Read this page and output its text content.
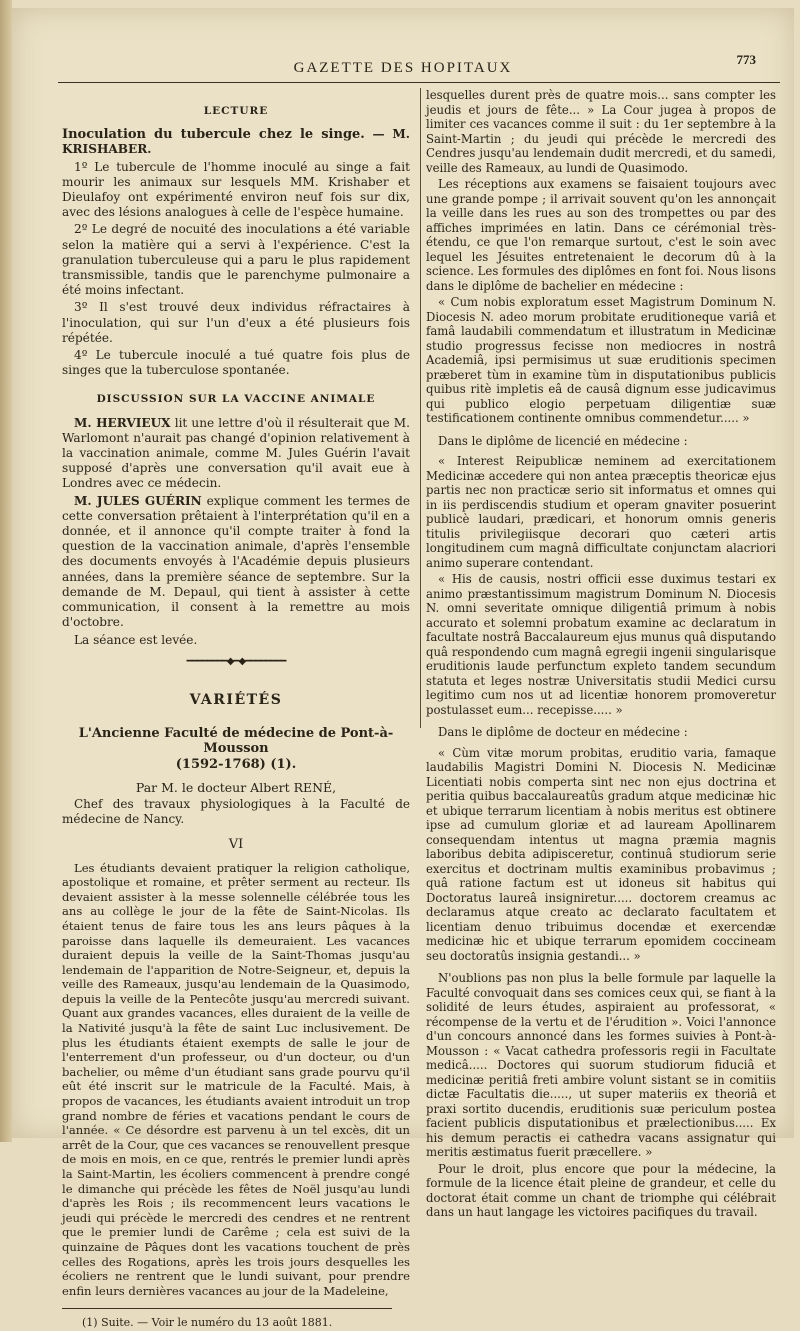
GAZETTE DES HOPITAUX
773
LECTURE

Inoculation du tubercule chez le singe. — M. KRISHABER.

1º Le tubercule de l'homme inoculé au singe a fait mourir les animaux sur lesquels MM. Krishaber et Dieulafoy ont expérimenté environ neuf fois sur dix, avec des lésions analogues à celle de l'espèce humaine.

2º Le degré de nocuité des inoculations a été variable selon la matière qui a servi à l'expérience. C'est la granulation tuberculeuse qui a paru le plus rapidement transmissible, tandis que le parenchyme pulmonaire a été moins infectant.

3º Il s'est trouvé deux individus réfractaires à l'inoculation, qui sur l'un d'eux a été plusieurs fois répétée.

4º Le tubercule inoculé a tué quatre fois plus de singes que la tuberculose spontanée.

DISCUSSION SUR LA VACCINE ANIMALE

M. HERVIEUX lit une lettre d'où il résulterait que M. Warlomont n'aurait pas changé d'opinion relativement à la vaccination animale, comme M. Jules Guérin l'avait supposé d'après une conversation qu'il avait eue à Londres avec ce médecin.

M. JULES GUÉRIN explique comment les termes de cette conversation prêtaient à l'interprétation qu'il en a donnée, et il annonce qu'il compte traiter à fond la question de la vaccination animale, d'après l'ensemble des documents envoyés à l'Académie depuis plusieurs années, dans la première séance de septembre. Sur la demande de M. Depaul, qui tient à assister à cette communication, il consent à la remettre au mois d'octobre.

La séance est levée.

━━━━━━━━◆━◆━━━━━━━━
VARIÉTÉS
L'Ancienne Faculté de médecine de Pont-à-Mousson
(1592-1768) (1).
Par M. le docteur Albert RENÉ,

Chef des travaux physiologiques à la Faculté de médecine de Nancy.

VI

Les étudiants devaient pratiquer la religion catholique, apostolique et romaine, et prêter serment au recteur. Ils devaient assister à la messe solennelle célébrée tous les ans au collège le jour de la fête de Saint-Nicolas. Ils étaient tenus de faire tous les ans leurs pâques à la paroisse dans laquelle ils demeuraient. Les vacances duraient depuis la veille de la Saint-Thomas jusqu'au lendemain de l'apparition de Notre-Seigneur, et, depuis la veille des Rameaux, jusqu'au lendemain de la Quasimodo, depuis la veille de la Pentecôte jusqu'au mercredi suivant. Quant aux grandes vacances, elles duraient de la veille de la Nativité jusqu'à la fête de saint Luc inclusivement. De plus les étudiants étaient exempts de salle le jour de l'enterrement d'un professeur, ou d'un docteur, ou d'un bachelier, ou même d'un étudiant sans grade pourvu qu'il eût été inscrit sur le matricule de la Faculté. Mais, à propos de vacances, les étudiants avaient introduit un trop grand nombre de féries et vacations pendant le cours de l'année. « Ce désordre est parvenu à un tel excès, dit un arrêt de la Cour, que ces vacances se renouvellent presque de mois en mois, en ce que, rentrés le premier lundi après la Saint-Martin, les écoliers commencent à prendre congé le dimanche qui précède les fêtes de Noël jusqu'au lundi d'après les Rois ; ils recommencent leurs vacations le jeudi qui précède le mercredi des cendres et ne rentrent que le premier lundi de Carême ; cela est suivi de la quinzaine de Pâques dont les vacations touchent de près celles des Rogations, après les trois jours desquelles les écoliers ne rentrent que le lundi suivant, pour prendre enfin leurs dernières vacances au jour de la Madeleine,

(1) Suite. — Voir le numéro du 13 août 1881.

lesquelles durent près de quatre mois... sans compter les jeudis et jours de fête... » La Cour jugea à propos de limiter ces vacances comme il suit : du 1er septembre à la Saint-Martin ; du jeudi qui précède le mercredi des Cendres jusqu'au lendemain dudit mercredi, et du samedi, veille des Rameaux, au lundi de Quasimodo.

Les réceptions aux examens se faisaient toujours avec une grande pompe ; il arrivait souvent qu'on les annonçait la veille dans les rues au son des trompettes ou par des affiches imprimées en latin. Dans ce cérémonial très-étendu, ce que l'on remarque surtout, c'est le soin avec lequel les Jésuites entretenaient le decorum dû à la science. Les formules des diplômes en font foi. Nous lisons dans le diplôme de bachelier en médecine :

« Cum nobis exploratum esset Magistrum Dominum N. Diocesis N. adeo morum probitate eruditioneque variâ et famâ laudabili commendatum et illustratum in Medicinæ studio progressus fecisse non mediocres in nostrâ Academiâ, ipsi permisimus ut suæ eruditionis specimen præberet tùm in examine tùm in disputationibus publicis quibus ritè impletis eâ de causâ dignum esse judicavimus qui publico elogio perpetuam diligentiæ suæ testificationem continente omnibus commendetur..... »

Dans le diplôme de licencié en médecine :

« Interest Reipublicæ neminem ad exercitationem Medicinæ accedere qui non antea præceptis theoricæ ejus partis nec non practicæ serio sit informatus et omnes qui in iis perdiscendis studium et operam gnaviter posuerint publicè laudari, prædicari, et honorum omnis generis titulis privilegiisque decorari quo cæteri artis longitudinem cum magnâ difficultate conjunctam alacriori animo superare contendant.

« His de causis, nostri officii esse duximus testari ex animo præstantissimum magistrum Dominum N. Diocesis N. omni severitate omnique diligentiâ primum à nobis accurato et solemni probatum examine ac declaratum in facultate nostrâ Baccalaureum ejus munus quâ disputando quâ respondendo cum magnâ egregii ingenii singularisque eruditionis laude perfunctum expleto tandem secundum statuta et leges nostræ Universitatis studii Medici cursu legitimo cum nos ut ad licentiæ honorem promoveretur postulasset eum... recepisse..... »

Dans le diplôme de docteur en médecine :

« Cùm vitæ morum probitas, eruditio varia, famaque laudabilis Magistri Domini N. Diocesis N. Medicinæ Licentiati nobis comperta sint nec non ejus doctrina et peritia quibus baccalaureatûs gradum atque medicinæ hic et ubique terrarum licentiam à nobis meritus est obtinere ipse ad cumulum gloriæ et ad lauream Apollinarem consequendam intentus ut magna præmia magnis laboribus debita adipisceretur, continuâ studiorum serie exercitus et doctrinam multis examinibus probavimus ; quâ ratione factum est ut idoneus sit habitus qui Doctoratus laureâ insigniretur..... doctorem creamus ac declaramus atque creato ac declarato facultatem et licentiam denuo tribuimus docendæ et exercendæ medicinæ hic et ubique terrarum epomidem coccineam seu doctoratûs insignia gestandi... »

N'oublions pas non plus la belle formule par laquelle la Faculté convoquait dans ses comices ceux qui, se fiant à la solidité de leurs études, aspiraient au professorat, « récompense de la vertu et de l'érudition ». Voici l'annonce d'un concours annoncé dans les formes suivies à Pont-à-Mousson : « Vacat cathedra professoris regii in Facultate medicâ..... Doctores qui suorum studiorum fiduciâ et medicinæ peritiâ freti ambire volunt sistant se in comitiis dictæ Facultatis die....., ut super materiis ex theoriâ et praxi sortito ducendis, eruditionis suæ periculum postea facient publicis disputationibus et prælectionibus..... Ex his demum peractis ei cathedra vacans assignatur qui meritis æstimatus fuerit præcellere. »

Pour le droit, plus encore que pour la médecine, la formule de la licence était pleine de grandeur, et celle du doctorat était comme un chant de triomphe qui célébrait dans un haut langage les victoires pacifiques du travail.
